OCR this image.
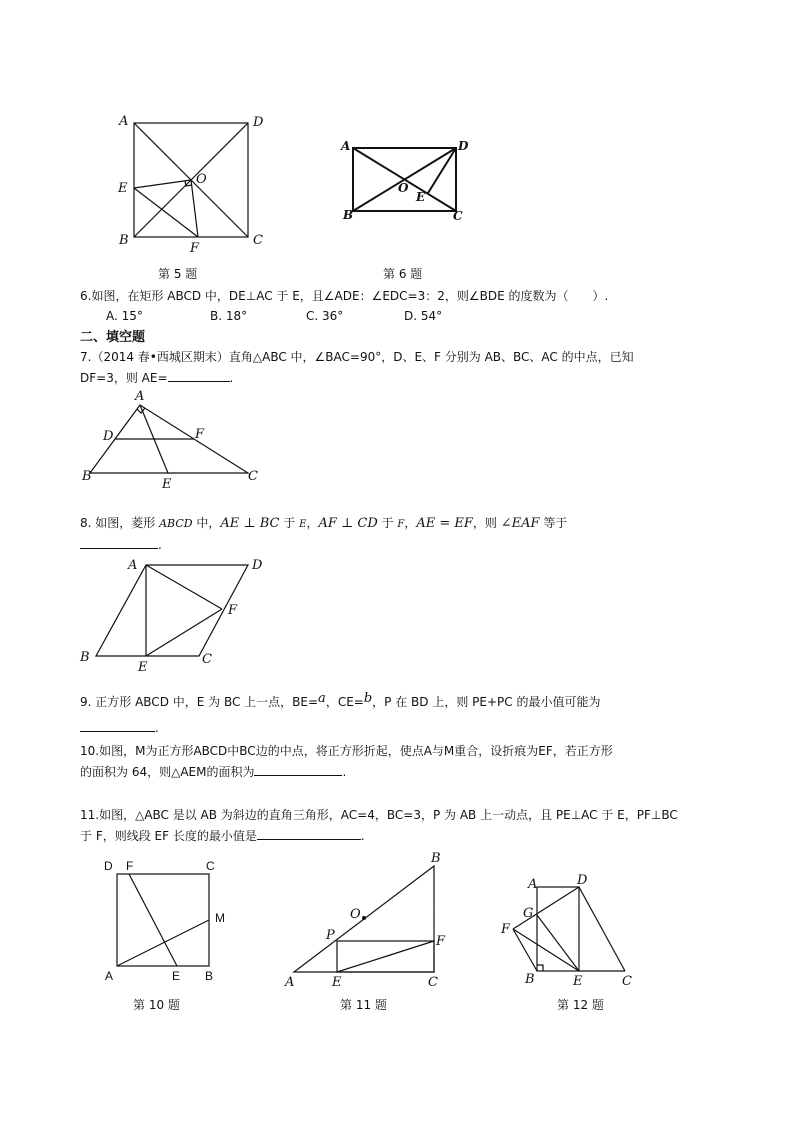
A	D
E
O
B
F
C
第 5 题
A	D
O
E
B	C
第 6 题
6.如图，在矩形 ABCD 中，DE⊥AC 于 E，且∠ADE：∠EDC=3：2，则∠BDE 的度数为（　　）.
A. 15°	B. 18°	C. 36°	D. 54°
二、填空题
7.（2014 春•西城区期末）直角△ABC 中，∠BAC=90°，D、E、F 分别为 AB、BC、AC 的中点，已知
DF=3，则 AE=	.
A
D	F
B
E
C
8. 如图，菱形 ABCD 中，AE ⊥ BC 于 E，AF ⊥ CD 于 F，AE = EF，则 ∠EAF 等于
.
A	D
F
B
E
C
9. 正方形 ABCD 中，E 为 BC 上一点，BE=a，CE=b，P 在 BD 上，则 PE+PC 的最小值可能为
.
10.如图，M为正方形ABCD中BC边的中点，将正方形折起，使点A与M重合，设折痕为EF，若正方形
的面积为 64，则△AEM的面积为	.
11.如图，△ABC 是以 AB 为斜边的直角三角形，AC=4，BC=3，P 为 AB 上一动点，且 PE⊥AC 于 E，PF⊥BC
于 F，则线段 EF 长度的最小值是	.
D F	C
M
A	E B
第 10 题
B
O
P	F
A	E	C
第 11 题
A	D
G
F
B	E	C
第 12 题
